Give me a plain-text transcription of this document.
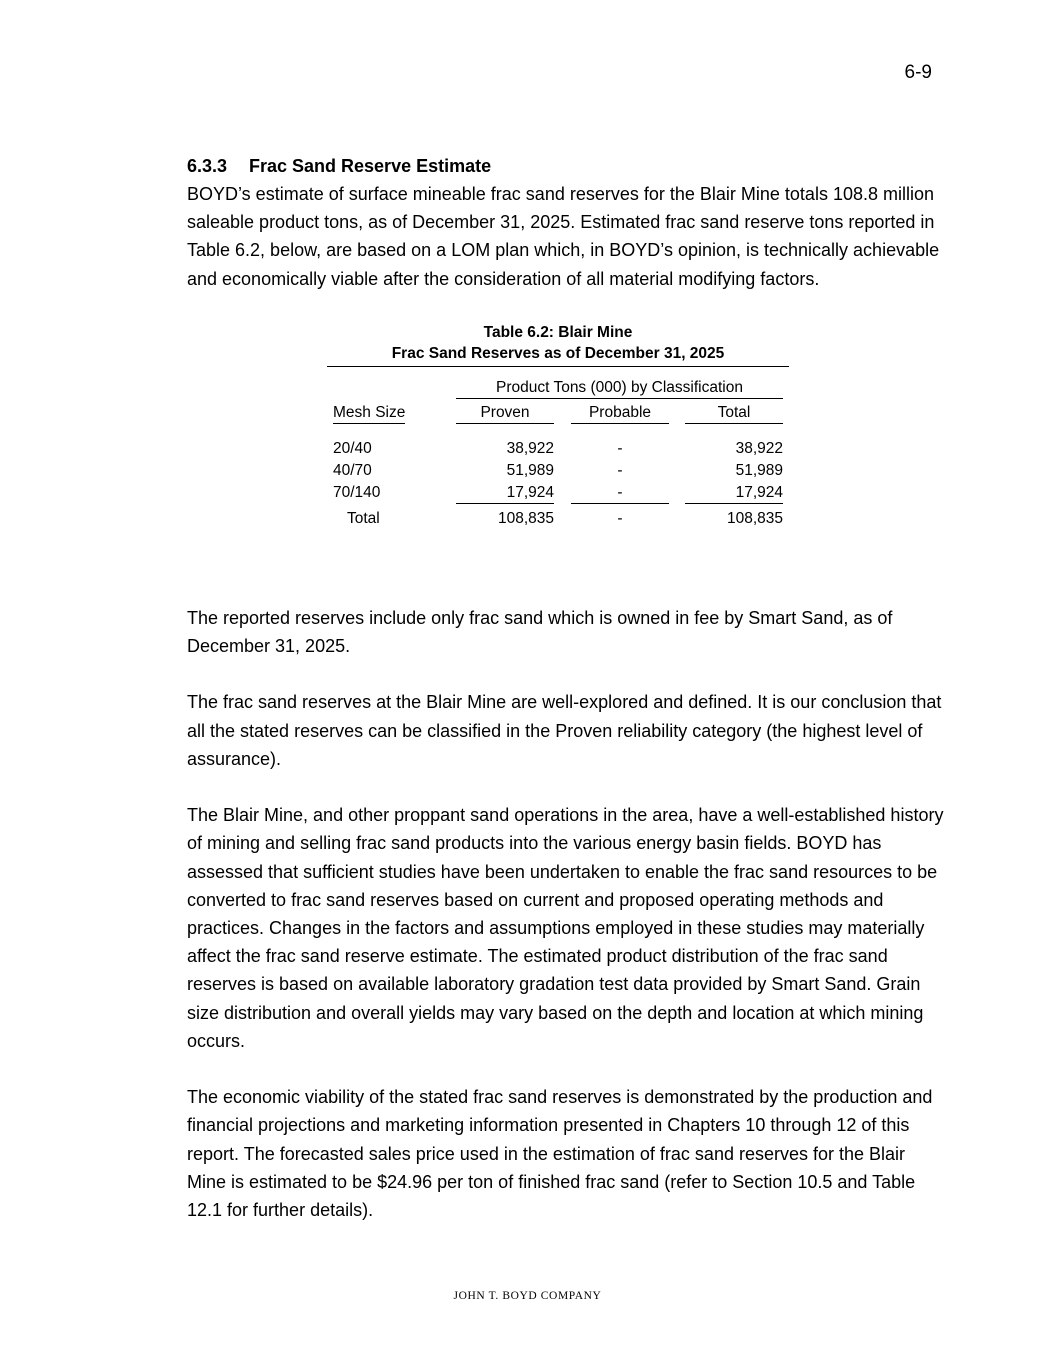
6-9
6.3.3 Frac Sand Reserve Estimate

BOYD’s estimate of surface mineable frac sand reserves for the Blair Mine totals 108.8 million saleable product tons, as of December 31, 2025. Estimated frac sand reserve tons reported in Table 6.2, below, are based on a LOM plan which, in BOYD’s opinion, is technically achievable and economically viable after the consideration of all material modifying factors.

Table 6.2: Blair Mine
Frac Sand Reserves as of December 31, 2025
Product Tons (000) by Classification
Mesh Size	Proven	Probable	Total
20/40	38,922	-	38,922
40/70	51,989	-	51,989
70/140	17,924	-	17,924
Total	108,835	-	108,835

The reported reserves include only frac sand which is owned in fee by Smart Sand, as of December 31, 2025.

The frac sand reserves at the Blair Mine are well-explored and defined. It is our conclusion that all the stated reserves can be classified in the Proven reliability category (the highest level of assurance).

The Blair Mine, and other proppant sand operations in the area, have a well-established history of mining and selling frac sand products into the various energy basin fields. BOYD has assessed that sufficient studies have been undertaken to enable the frac sand resources to be converted to frac sand reserves based on current and proposed operating methods and practices. Changes in the factors and assumptions employed in these studies may materially affect the frac sand reserve estimate. The estimated product distribution of the frac sand reserves is based on available laboratory gradation test data provided by Smart Sand. Grain size distribution and overall yields may vary based on the depth and location at which mining occurs.

The economic viability of the stated frac sand reserves is demonstrated by the production and financial projections and marketing information presented in Chapters 10 through 12 of this report. The forecasted sales price used in the estimation of frac sand reserves for the Blair Mine is estimated to be $24.96 per ton of finished frac sand (refer to Section 10.5 and Table 12.1 for further details).

JOHN T. BOYD COMPANY
